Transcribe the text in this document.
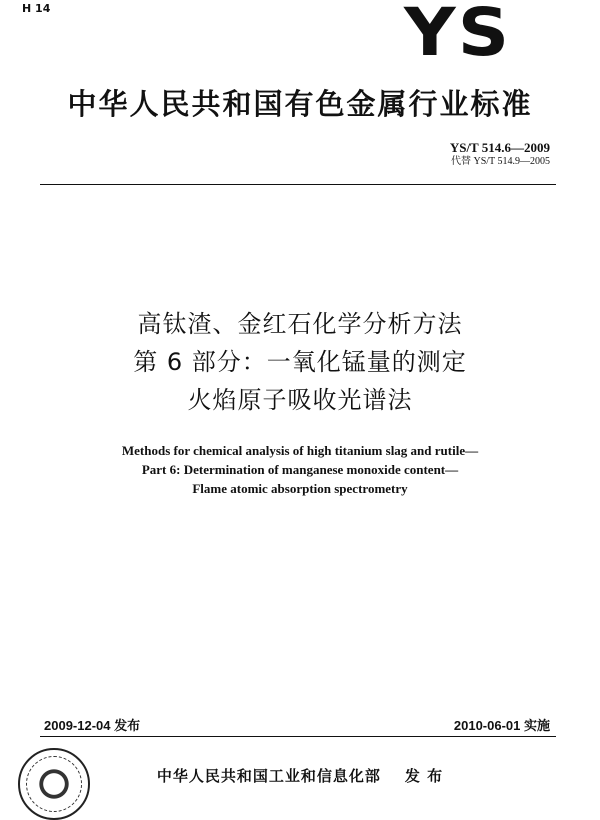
H 14	YS
中华人民共和国有色金属行业标准
YS/T 514.6—2009
代替 YS/T 514.9—2005
高钛渣、金红石化学分析方法
第 6 部分：一氧化锰量的测定
火焰原子吸收光谱法
Methods for chemical analysis of high titanium slag and rutile—
Part 6: Determination of manganese monoxide content—
Flame atomic absorption spectrometry
2009-12-04 发布	2010-06-01 实施
中华人民共和国工业和信息化部 发 布
